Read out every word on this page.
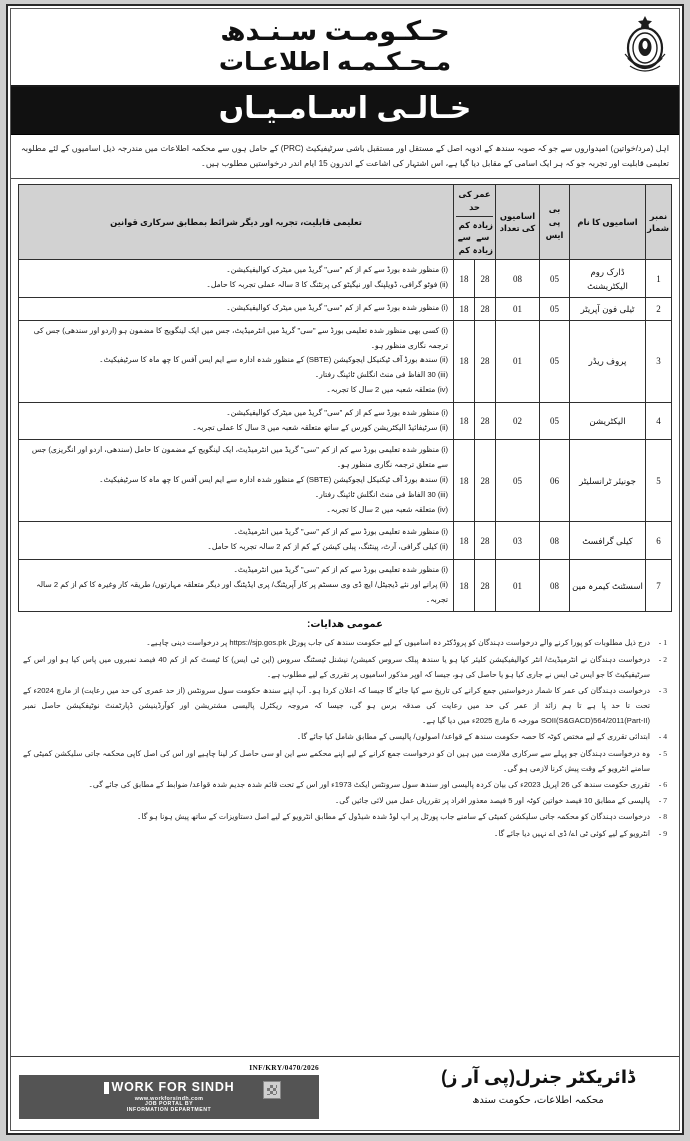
حـكـومـت سـنـدھ
مـحـكـمـه اطلاعـات
خـالـی اسـامـیـاں
اہل (مرد/خواتین) امیدواروں سے جو کہ صوبہ سندھ کے ادویہ اصل کے مستقل اور مستقبل باشی سرٹیفیکیٹ (PRC) کے حامل ہوں سے محکمہ اطلاعات میں مندرجہ ذیل اسامیوں کے لئے مطلوبہ تعلیمی قابلیت اور تجربہ جو کہ ہر ایک اسامی کے مقابل دیا گیا ہے، اس اشتہار کی اشاعت کے اندرون 15 ایام اندر درخواستیں مطلوب ہیں۔
نمبر شمار	اسامیوں کا نام	بی پی ایس	اسامیوں کی تعداد	عمر کی حد
زیادہ سے زیادہ
کم سے کم		تعلیمی قابلیت، تجربہ اور دیگر شرائط بمطابق سرکاری قوانین
1	ڈارک روم الیکٹریشنٹ	05	08	28	18	(i) منظور شدہ بورڈ سے کم از کم "سی" گریڈ میں میٹرک کوالیفیکیشن۔
(ii) فوٹو گرافی، ڈویلپنگ اور نیگیٹو کی پرنٹنگ کا 3 سالہ عملی تجربہ کا حامل۔

2	ٹیلی فون آپریٹر	05	01	28	18	(i) منظور شدہ بورڈ سے کم از کم "سی" گریڈ میں میٹرک کوالیفیکیشن۔

3	پروف ریڈر	05	01	28	18	(i) کسی بھی منظور شدہ تعلیمی بورڈ سے "سی" گریڈ میں انٹرمیڈیٹ، جس میں ایک لینگویج کا مضمون ہو (اردو اور سندھی) جس کی ترجمہ نگاری منظور ہو۔
(ii) سندھ بورڈ آف ٹیکنیکل ایجوکیشن (SBTE) کے منظور شدہ ادارہ سے ایم ایس آفس کا چھ ماہ کا سرٹیفیکیٹ۔
(iii) 30 الفاظ فی منٹ انگلش ٹائپنگ رفتار۔
(iv) متعلقہ شعبہ میں 2 سال کا تجربہ۔

4	الیکٹریشن	05	02	28	18	(i) منظور شدہ بورڈ سے کم از کم "سی" گریڈ میں میٹرک کوالیفیکیشن۔
(ii) سرٹیفائیڈ الیکٹریشن کورس کے ساتھ متعلقہ شعبہ میں 3 سال کا عملی تجربہ۔

5	جونیئر ٹرانسلیٹر	06	05	28	18	(i) منظور شدہ تعلیمی بورڈ سے کم از کم "سی" گریڈ میں انٹرمیڈیٹ، ایک لینگویج کے مضمون کا حامل (سندھی، اردو اور انگریزی) جس سے متعلق ترجمہ نگاری منظور ہو۔
(ii) سندھ بورڈ آف ٹیکنیکل ایجوکیشن (SBTE) کے منظور شدہ ادارہ سے ایم ایس آفس کا چھ ماہ کا سرٹیفیکیٹ۔
(iii) 30 الفاظ فی منٹ انگلش ٹائپنگ رفتار۔
(iv) متعلقہ شعبہ میں 2 سال کا تجربہ۔

6	کیلی گرافسٹ	08	03	28	18	(i) منظور شدہ تعلیمی بورڈ سے کم از کم "سی" گریڈ میں انٹرمیڈیٹ۔
(ii) کیلی گرافی، آرٹ، پینٹنگ، پبلی کیشن کے کم از کم 2 سالہ تجربہ کا حامل۔

7	اسسٹنٹ کیمرہ مین	08	01	28	18	(i) منظور شدہ تعلیمی بورڈ سے کم از کم "سی" گریڈ میں انٹرمیڈیٹ۔
(ii) پرانے اور نئے ڈیجیٹل/ ایچ ڈی وی سسٹم پر کار آپریٹنگ/ پری ایڈیٹنگ اور دیگر متعلقہ مہارتوں/ طریقہ کار وغیرہ کا کم از کم 2 سالہ تجربہ۔
عمومی ھدایات:
درج ذیل مطلوبات کو پورا کرنے والے درخواست دہندگان کو پروڈکٹر دہ اسامیوں کے لیے حکومت سندھ کی جاب پورٹل https://sjp.gos.pk پر درخواست دینی چاہیے۔
درخواست دہندگان نے انٹرمیڈیٹ/ انٹر کوالیفیکیشن کلیئر کیا ہو یا سندھ پبلک سروس کمیشن/ نیشنل ٹیسٹنگ سروس (این ٹی ایس) کا ٹیسٹ کم از کم 40 فیصد نمبروں میں پاس کیا ہو اور اس کے سرٹیفیکیٹ کا جو ایس ٹی ایس نے جاری کیا ہو یا حاصل کی ہو، جیسا کہ اوپر مذکور اسامیوں پر تقرری کے لیے مطلوب ہے۔
درخواست دہندگان کی عمر کا شمار درخواستیں جمع کرانے کی تاریخ سے کیا جائے گا جیسا کہ اعلان کردا ہو۔ آپ اپنے سندھ حکومت سول سرونٹس (از حد عمری کی حد میں رعایت) از مارچ 2024ء کے تحت تا حد پا ہے تا ہم زائد از عمر کی حد میں رعایت کی صدقہ برس ہو گی، جیسا کہ مروجہ ریکٹرل پالیسی مشتریشن اور کوآرڈینیشن ڈپارٹمنٹ نوٹیفکیشن حاصل نمبر SOII(S&GACD)564/2011(Part-II) مورخہ 6 مارچ 2025ء میں دیا گیا ہے۔
ابتدائی تقرری کے لیے مختص کوٹہ کا حصہ حکومت سندھ کے قواعد/ اصولوں/ پالیسی کے مطابق شامل کیا جائے گا۔
وہ درخواست دہندگان جو پہلے سے سرکاری ملازمت میں ہیں ان کو درخواست جمع کرانے کے لیے اپنے محکمے سے این او سی حاصل کر لینا چاہیے اور اس کی اصل کاپی محکمہ جاتی سلیکشن کمیٹی کے سامنے انٹرویو کے وقت پیش کرنا لازمی ہو گی۔
تقرری حکومت سندھ کی 26 اپریل 2023ء کی بیان کردہ پالیسی اور سندھ سول سرونٹس ایکٹ 1973ء اور اس کے تحت قائم شدہ جدیم شدہ قواعد/ ضوابط کے مطابق کی جائے گی۔
پالیسی کے مطابق 10 فیصد خواتین کوٹہ اور 5 فیصد معذور افراد پر تقرریاں عمل میں لائی جائیں گی۔
درخواست دہندگان کو محکمہ جاتی سلیکشن کمیٹی کے سامنے جاب پورٹل پر اپ لوڈ شدہ شیڈول کے مطابق انٹرویو کے لیے اصل دستاویزات کے ساتھ پیش ہونا ہو گا۔
انٹرویو کے لیے کوئی ٹی اے/ ڈی اے نہیں دیا جائے گا۔
ڈائریکٹر جنرل(پی آر ز)
محکمہ اطلاعات، حکومت سندھ
INF/KRY/0470/2026
WORK FOR SINDH
www.workforsindh.com
JOB PORTAL BY
INFORMATION DEPARTMENT
